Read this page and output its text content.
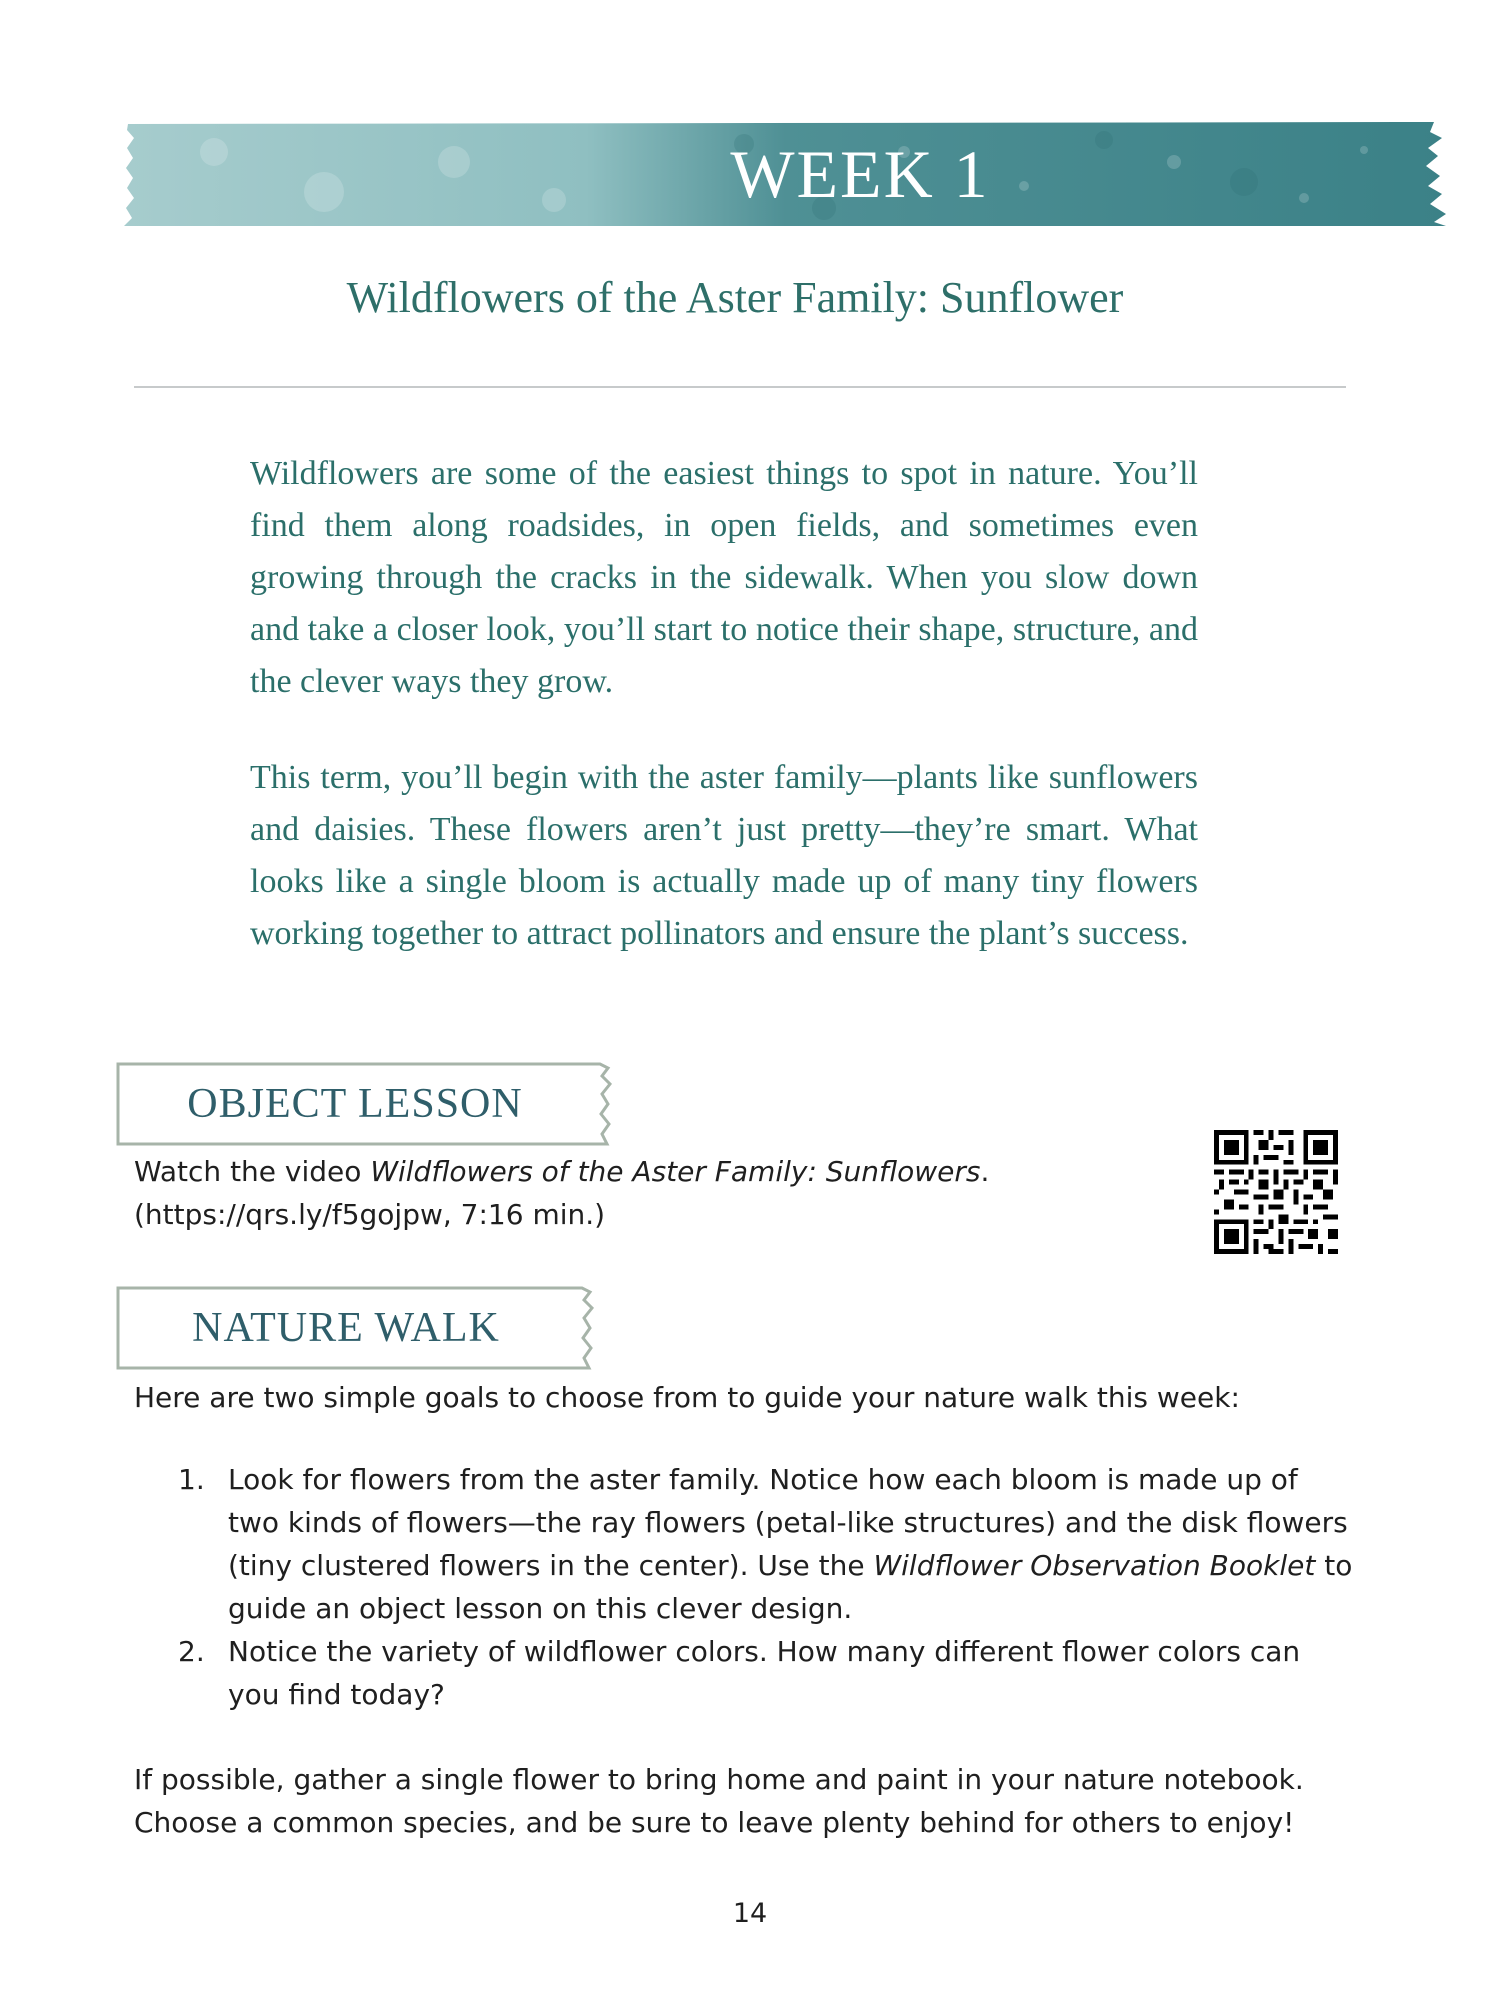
WEEK 1
Wildflowers of the Aster Family: Sunflower

Wildflowers are some of the easiest things to spot in nature. You’ll find them along roadsides, in open fields, and sometimes even growing through the cracks in the sidewalk. When you slow down and take a closer look, you’ll start to notice their shape, structure, and the clever ways they grow.

This term, you’ll begin with the aster family—plants like sunflowers and daisies. These flowers aren’t just pretty—they’re smart. What looks like a single bloom is actually made up of many tiny flowers working together to attract pollinators and ensure the plant’s success.

OBJECT LESSON
Watch the video Wildflowers of the Aster Family: Sunflowers.
(https://qrs.ly/f5gojpw, 7:16 min.)
NATURE WALK
Here are two simple goals to choose from to guide your nature walk this week:
1. Look for flowers from the aster family. Notice how each bloom is made up of two kinds of flowers—the ray flowers (petal-like structures) and the disk flowers (tiny clustered flowers in the center). Use the Wildflower Observation Booklet to guide an object lesson on this clever design.
2. Notice the variety of wildflower colors. How many different flower colors can you find today?
If possible, gather a single flower to bring home and paint in your nature notebook.
Choose a common species, and be sure to leave plenty behind for others to enjoy!
14
